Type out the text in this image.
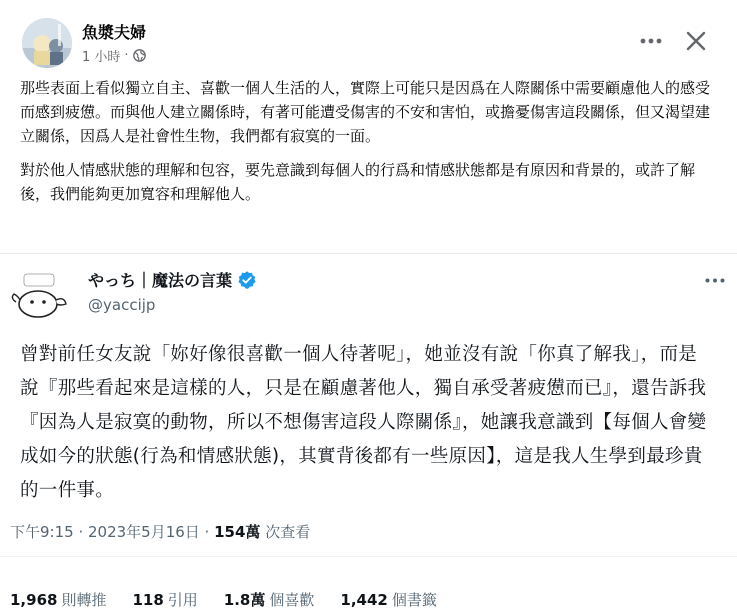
魚漿夫婦
1 小時 ·

那些表面上看似獨立自主、喜歡一個人生活的人，實際上可能只是因爲在人際關係中需要顧慮他人的感受而感到疲憊。而與他人建立關係時，有著可能遭受傷害的不安和害怕，或擔憂傷害這段關係，但又渴望建立關係，因爲人是社會性生物，我們都有寂寞的一面。

對於他人情感狀態的理解和包容，要先意識到每個人的行爲和情感狀態都是有原因和背景的，或許了解後，我們能夠更加寬容和理解他人。

やっち｜魔法の言葉
@yaccijp
曾對前任女友說「妳好像很喜歡一個人待著呢」，她並沒有說「你真了解我」，而是說『那些看起來是這樣的人，只是在顧慮著他人，獨自承受著疲憊而已』，還告訴我『因為人是寂寞的動物，所以不想傷害這段人際關係』，她讓我意識到【每個人會變成如今的狀態(行為和情感狀態)，其實背後都有一些原因】，這是我人生學到最珍貴的一件事。
下午9:15 · 2023年5月16日 · 154萬 次查看
1,968 則轉推 118 引用 1.8萬 個喜歡 1,442 個書籤
